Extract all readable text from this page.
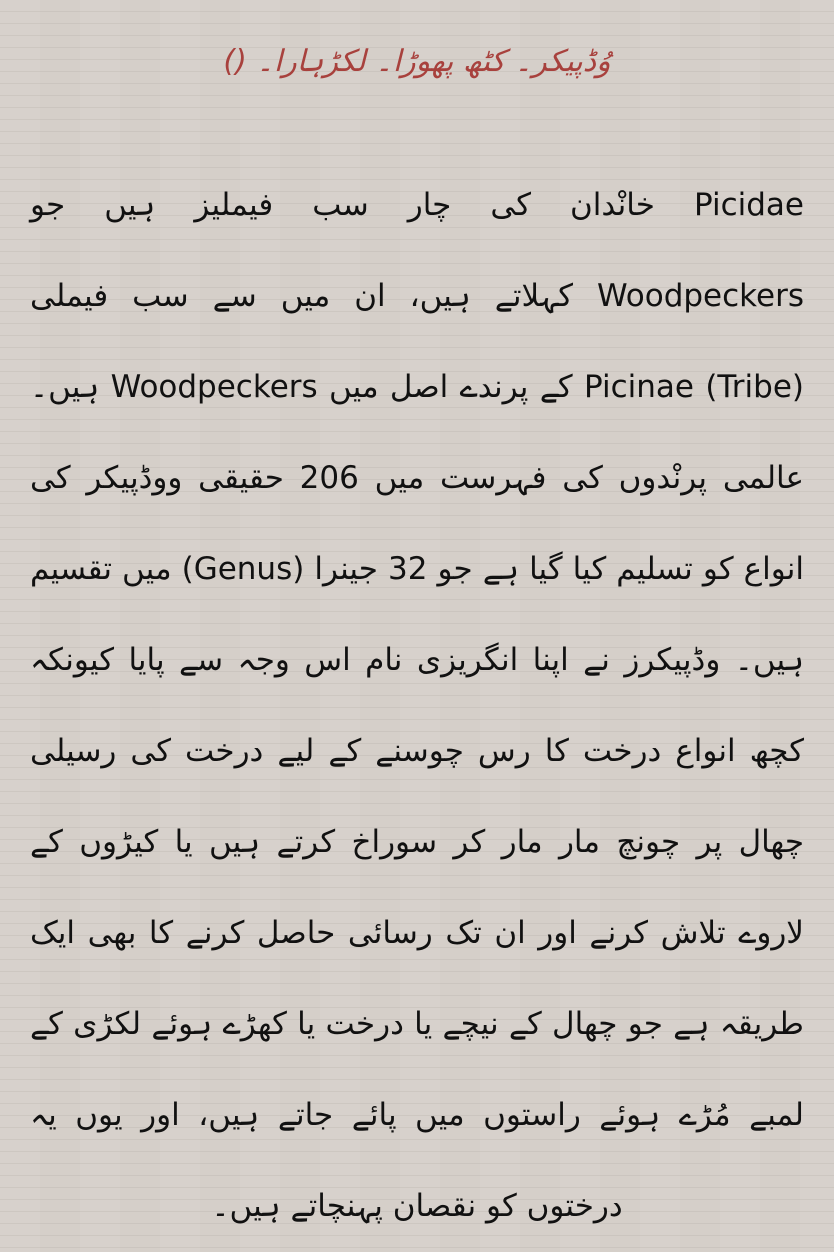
وُڈپیکر۔ کٹھ پھوڑا۔ لکڑہارا۔ ()
Picidae خانْدان کی چار سب فیملیز ہیں جو Woodpeckers کہلاتے ہیں، ان میں سے سب فیملی Picinae (Tribe) کے پرندے اصل میں Woodpeckers ہیں۔ عالمی پرنْدوں کی فہرست میں 206 حقیقی ووڈپیکر کی انواع کو تسلیم کیا گیا ہے جو 32 جینرا (Genus) میں تقسیم ہیں۔ وڈپیکرز نے اپنا انگریزی نام اس وجہ سے پایا کیونکہ کچھ انواع درخت کا رس چوسنے کے لیے درخت کی رسیلی چھال پر چونچ مار مار کر سوراخ کرتے ہیں یا کیڑوں کے لاروے تلاش کرنے اور ان تک رسائی حاصل کرنے کا بھی ایک طریقہ ہے جو چھال کے نیچے یا درخت یا کھڑے ہوئے لکڑی کے لمبے مُڑے ہوئے راستوں میں پائے جاتے ہیں، اور یوں یہ درختوں کو نقصان پہنچاتے ہیں۔
